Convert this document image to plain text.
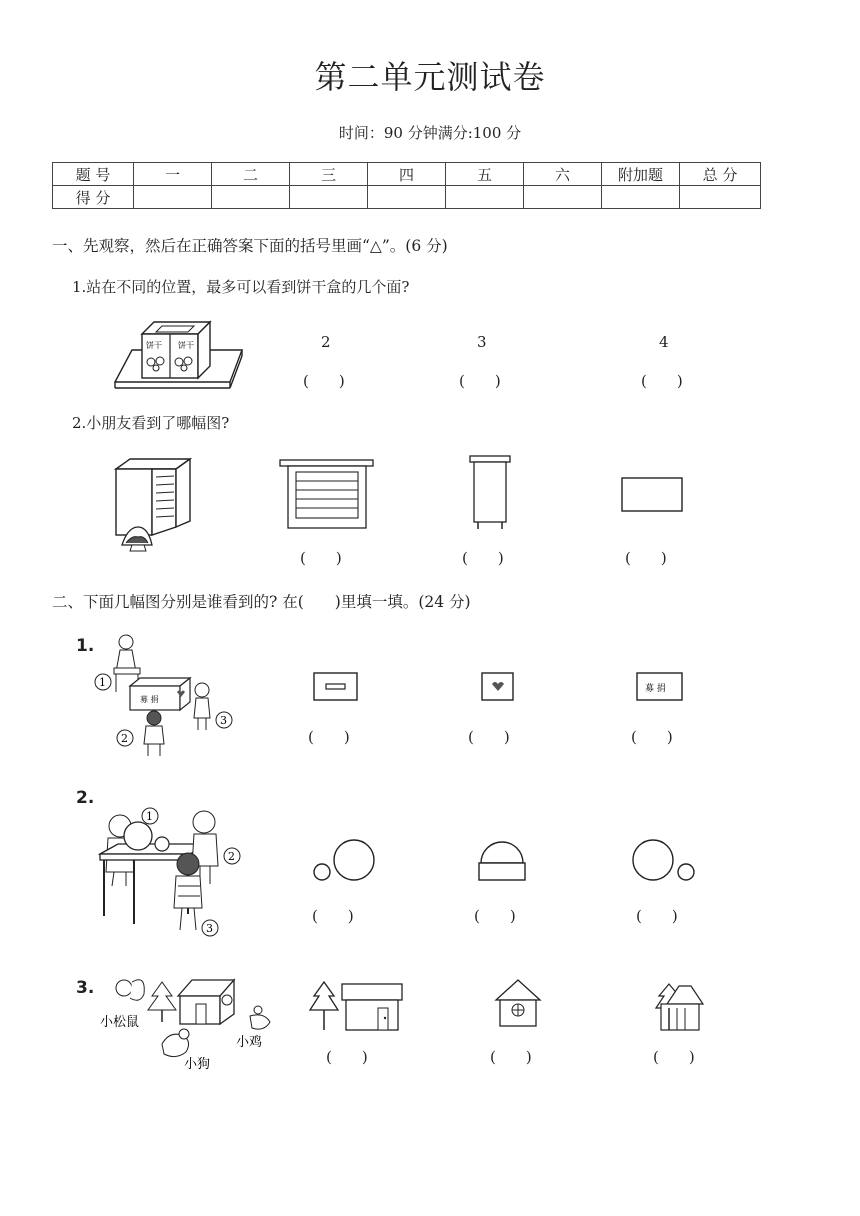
第二单元测试卷
时间：90 分钟满分:100 分
题 号	一	二	三	四	五	六	附加题	总 分
得 分								
一、先观察，然后在正确答案下面的括号里画“△”。(6 分)
1.站在不同的位置，最多可以看到饼干盒的几个面?
饼干 饼干	2	3	4
(　　)	(　　)	(　　)
2.小朋友看到了哪幅图?
(　　)	(　　)	(　　)
二、下面几幅图分别是谁看到的? 在(　　)里填一填。(24 分)
1.
募 捐
1
2
3
募 捐
(　　)	(　　)	(　　)
2.
1
2
3
(　　)	(　　)	(　　)
3.
小松鼠
小鸡
小狗	(　　)	(　　)	(　　)
